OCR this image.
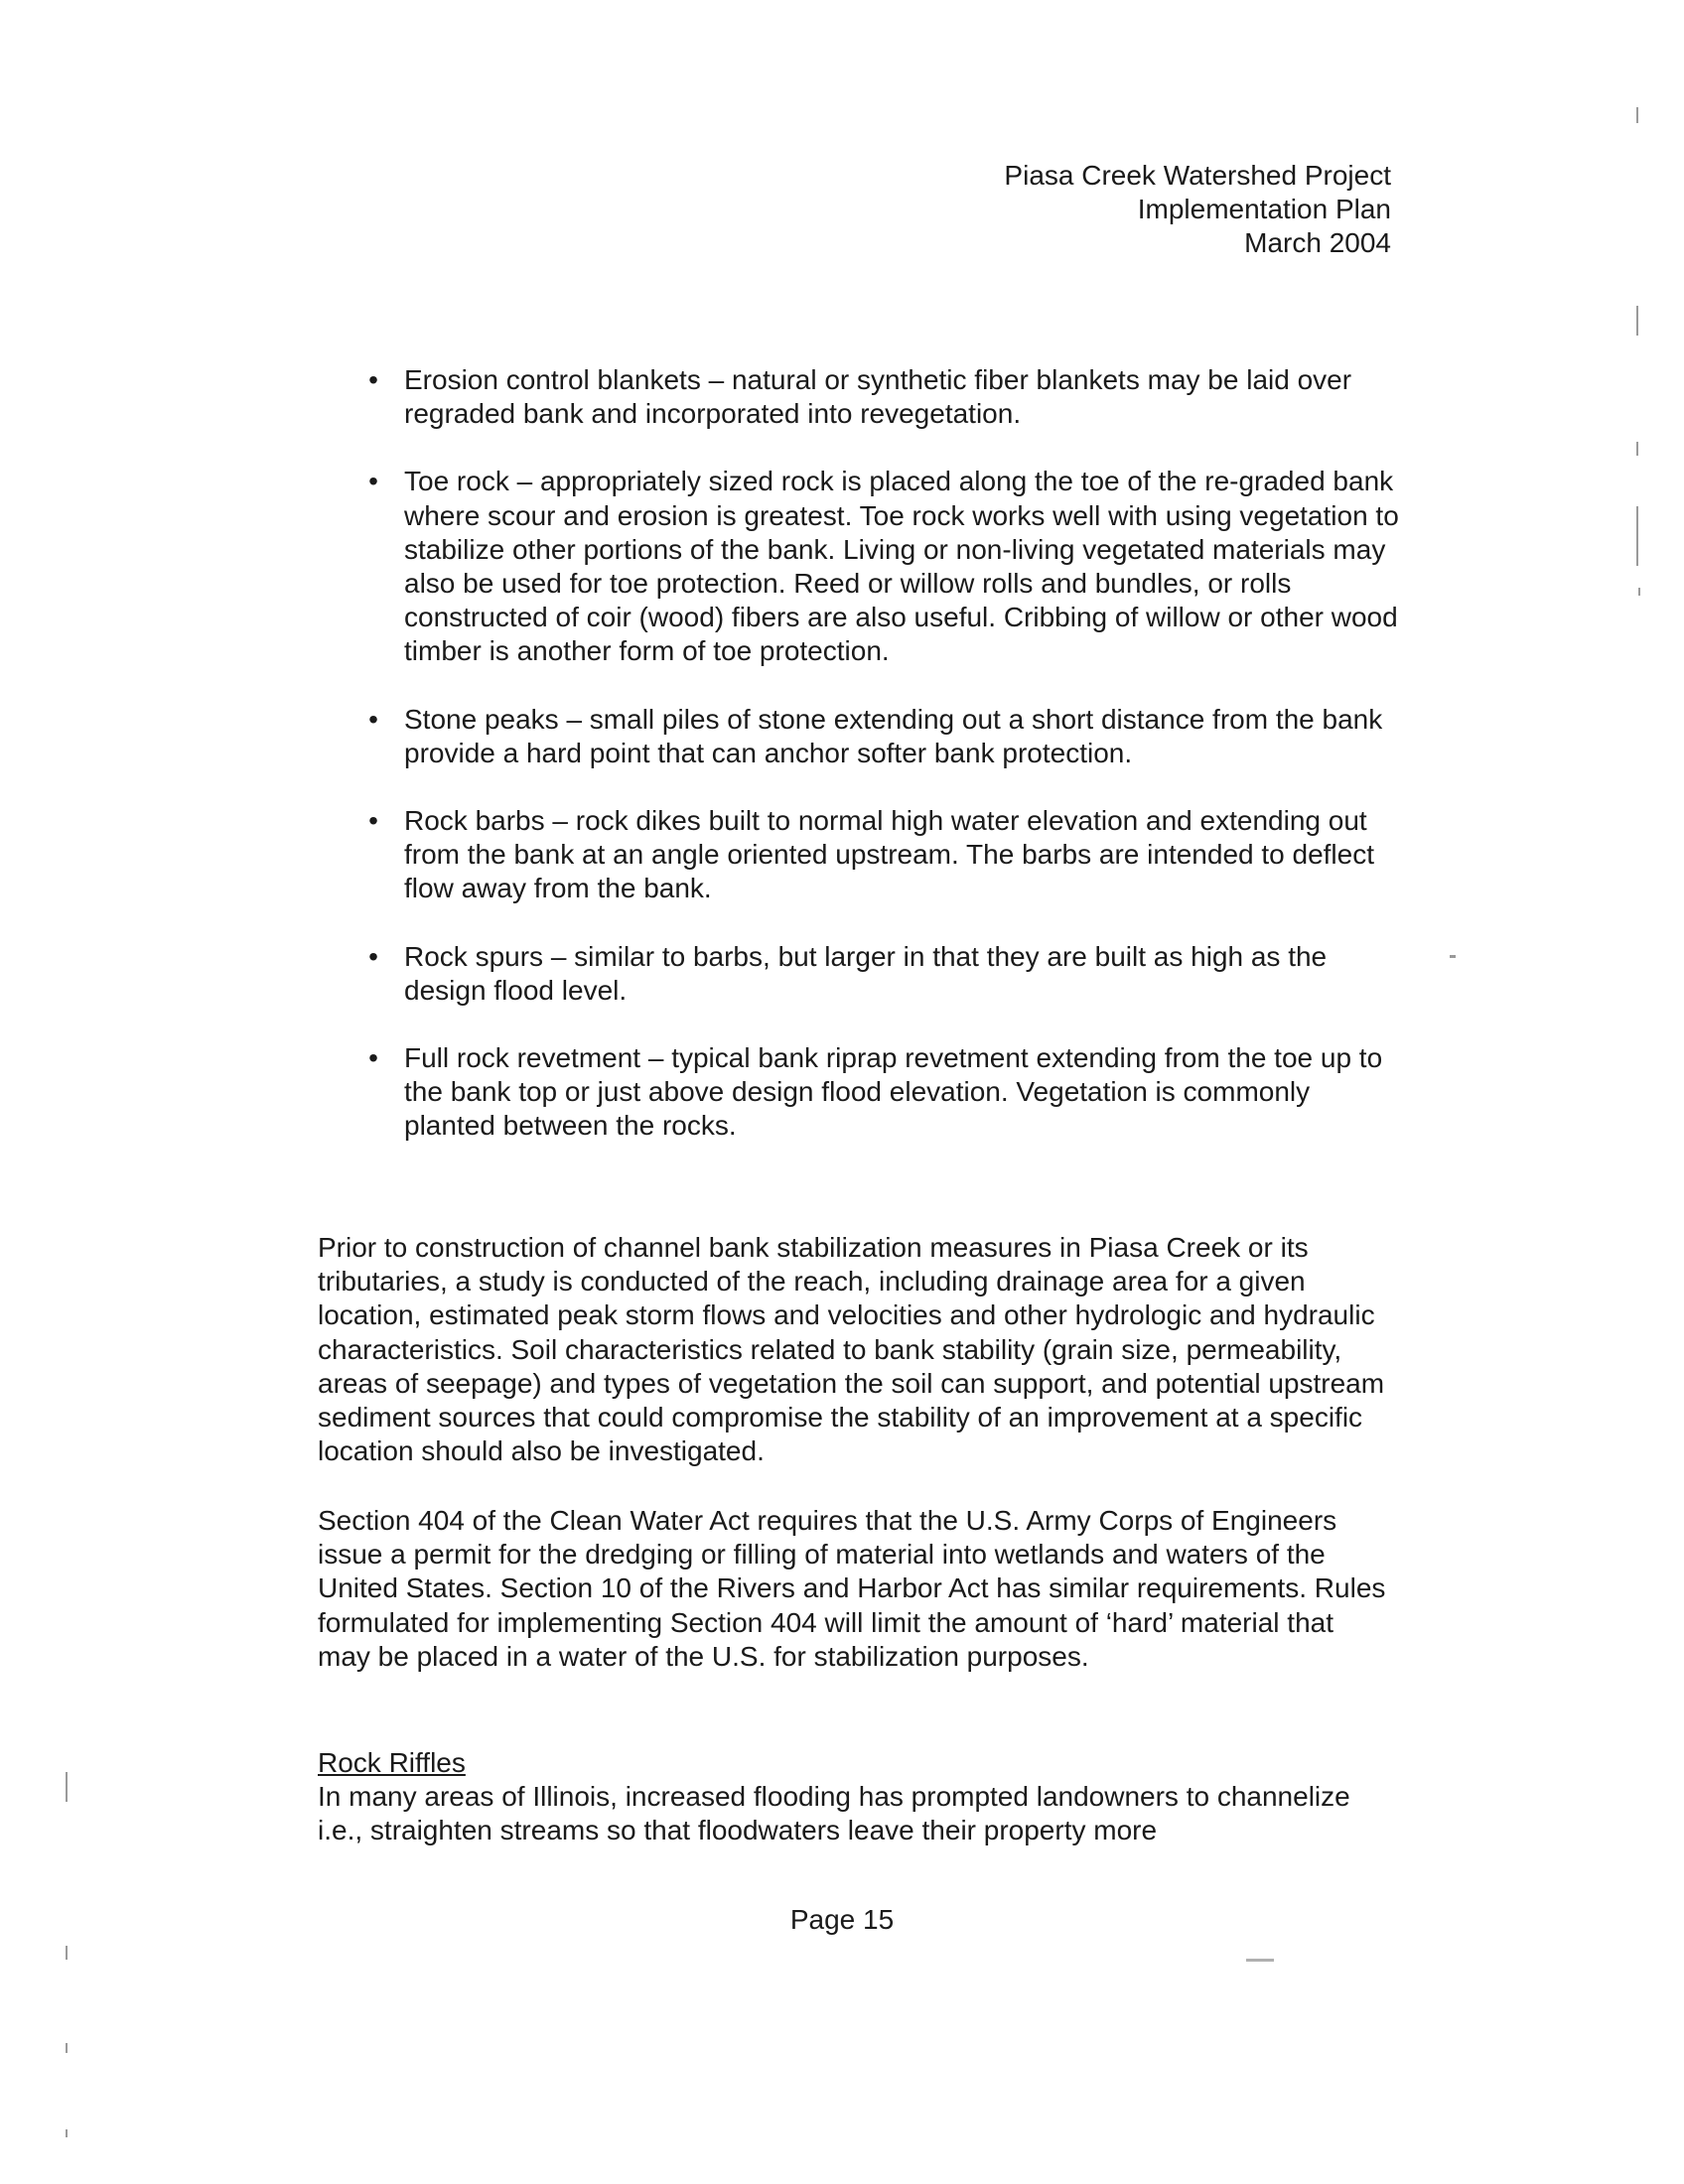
Piasa Creek Watershed Project
Implementation Plan
March 2004
• Erosion control blankets – natural or synthetic fiber blankets may be laid over regraded bank and incorporated into revegetation.
• Toe rock – appropriately sized rock is placed along the toe of the re-graded bank where scour and erosion is greatest. Toe rock works well with using vegetation to stabilize other portions of the bank. Living or non-living vegetated materials may also be used for toe protection. Reed or willow rolls and bundles, or rolls constructed of coir (wood) fibers are also useful. Cribbing of willow or other wood timber is another form of toe protection.
• Stone peaks – small piles of stone extending out a short distance from the bank provide a hard point that can anchor softer bank protection.
• Rock barbs – rock dikes built to normal high water elevation and extending out from the bank at an angle oriented upstream. The barbs are intended to deflect flow away from the bank.
• Rock spurs – similar to barbs, but larger in that they are built as high as the design flood level.
• Full rock revetment – typical bank riprap revetment extending from the toe up to the bank top or just above design flood elevation. Vegetation is commonly planted between the rocks.

Prior to construction of channel bank stabilization measures in Piasa Creek or its tributaries, a study is conducted of the reach, including drainage area for a given location, estimated peak storm flows and velocities and other hydrologic and hydraulic characteristics. Soil characteristics related to bank stability (grain size, permeability, areas of seepage) and types of vegetation the soil can support, and potential upstream sediment sources that could compromise the stability of an improvement at a specific location should also be investigated.

Section 404 of the Clean Water Act requires that the U.S. Army Corps of Engineers issue a permit for the dredging or filling of material into wetlands and waters of the United States. Section 10 of the Rivers and Harbor Act has similar requirements. Rules formulated for implementing Section 404 will limit the amount of ‘hard’ material that may be placed in a water of the U.S. for stabilization purposes.

Rock Riffles

In many areas of Illinois, increased flooding has prompted landowners to channelize i.e., straighten streams so that floodwaters leave their property more

Page 15
